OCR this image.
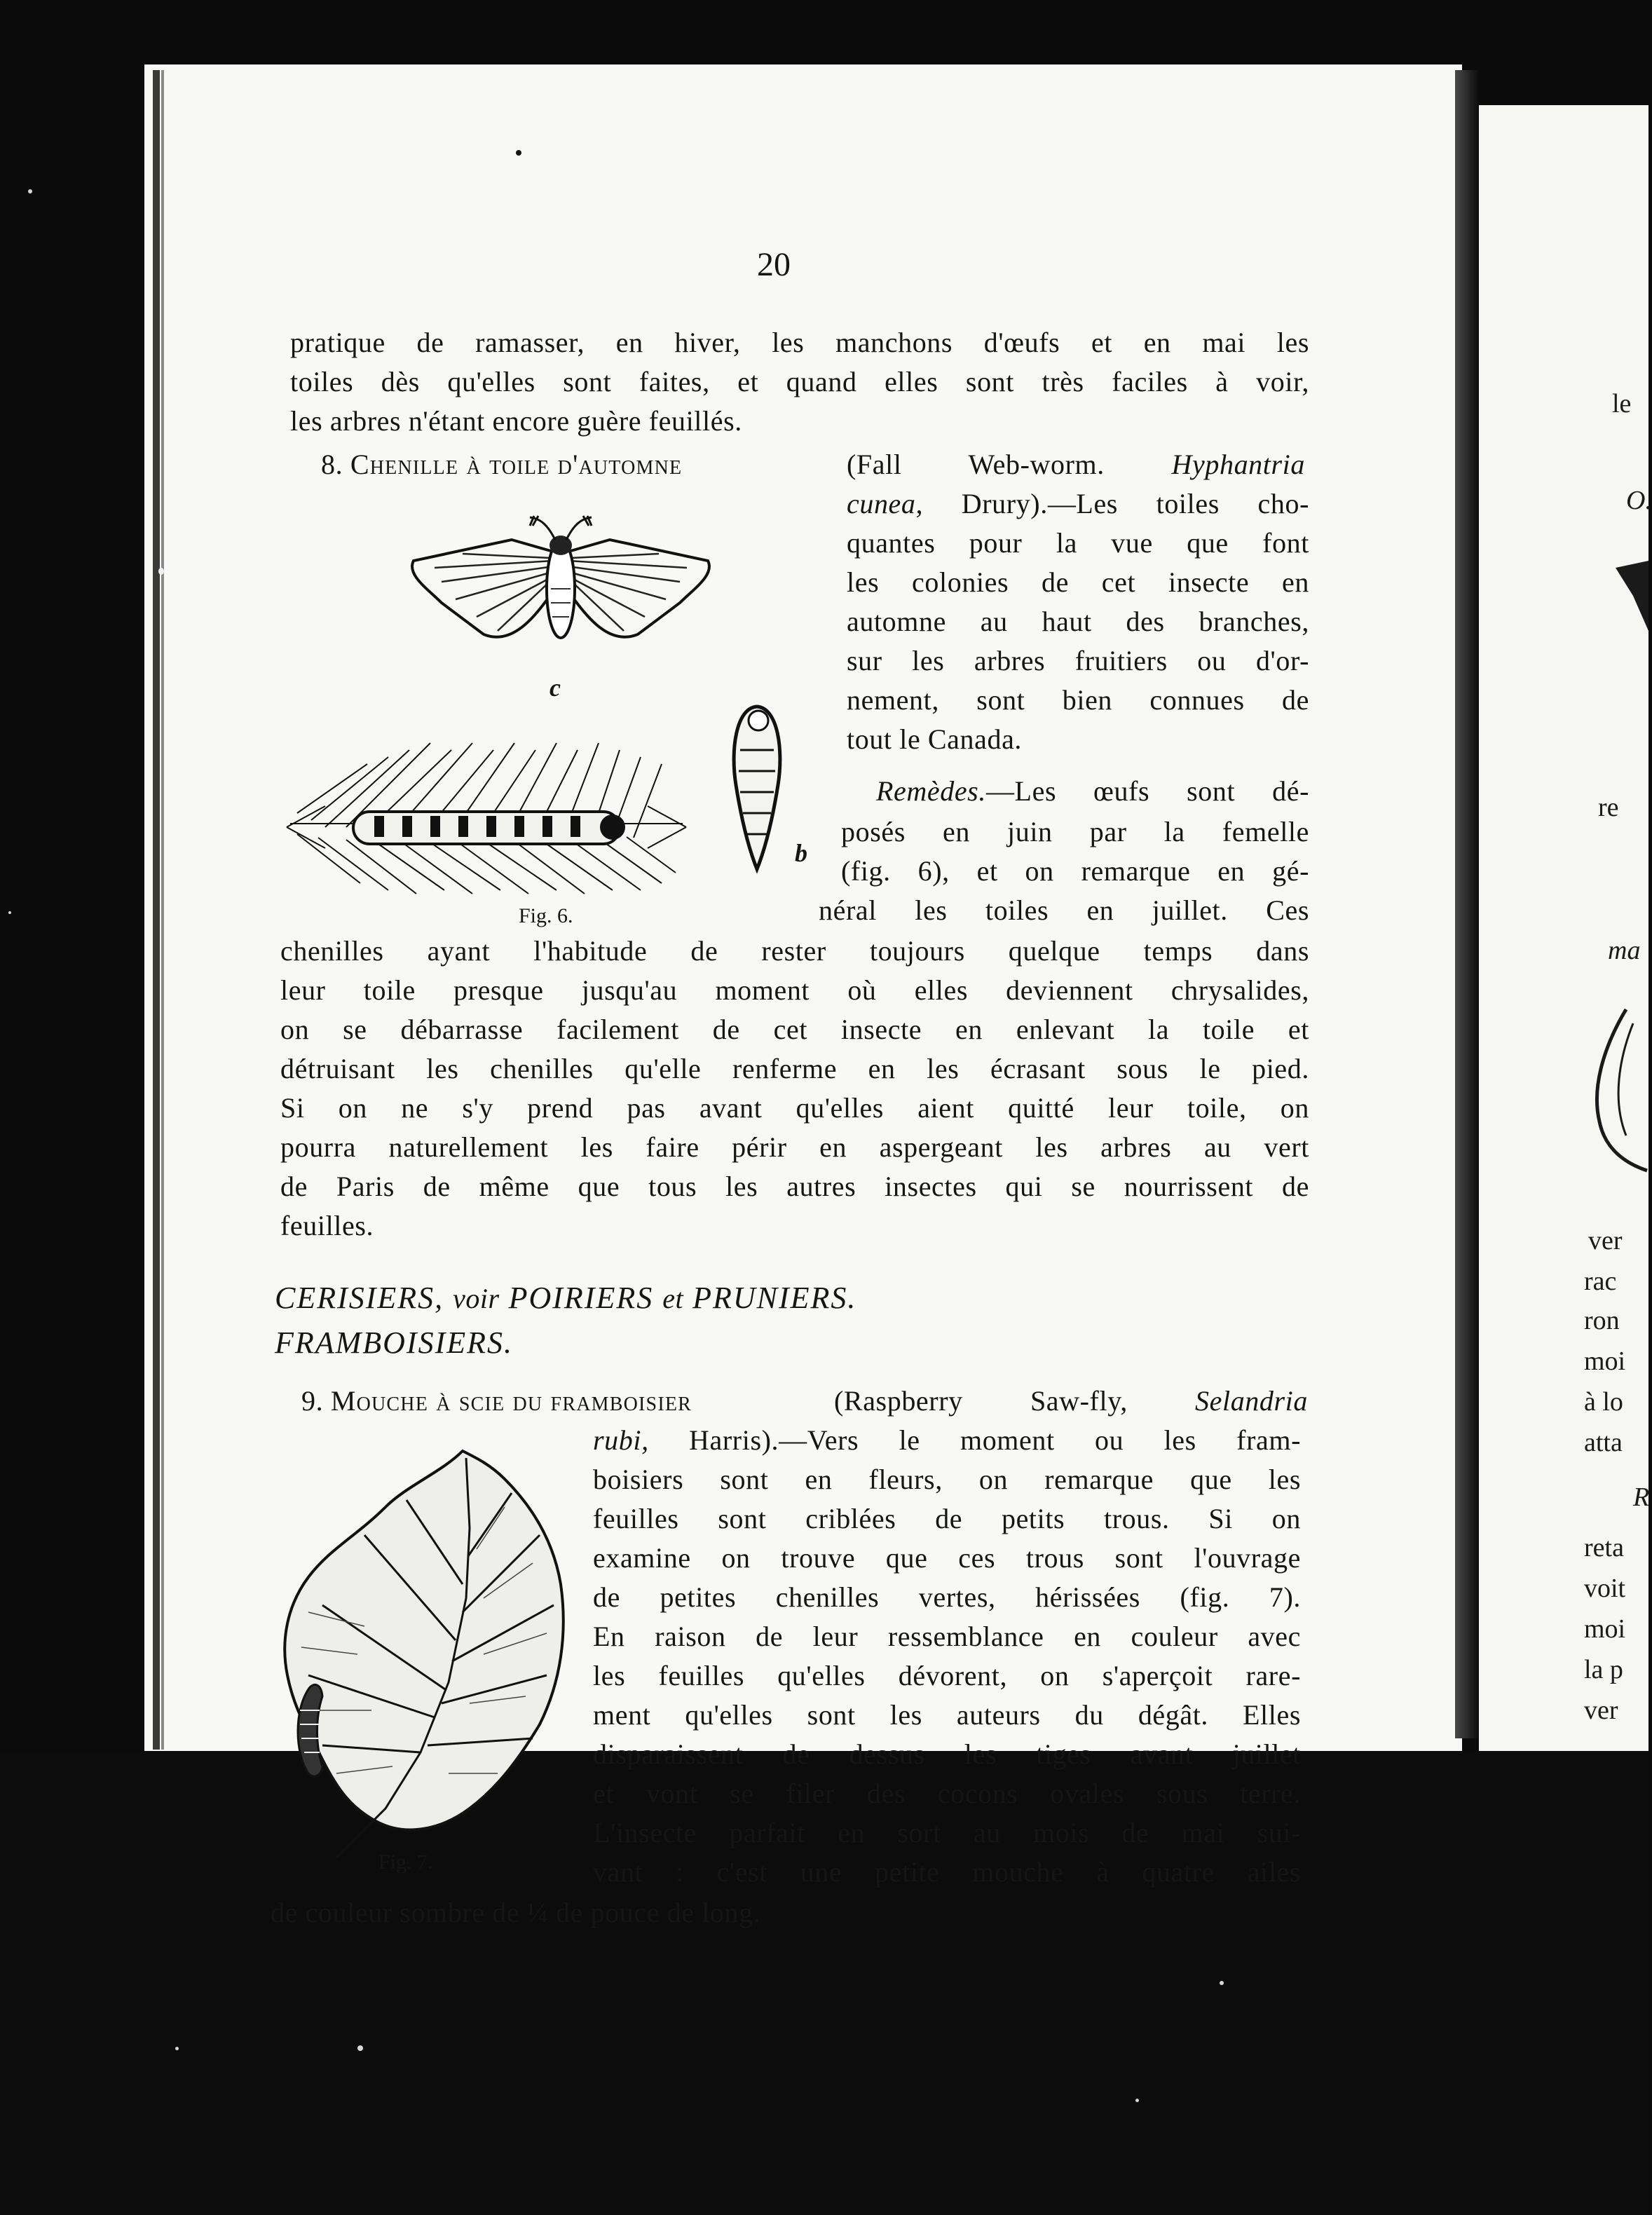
le

O.

re

ma

ver

rac

ron

moi

à lo

atta

R

reta

voit

moi

la p

ver

20

pratique de ramasser, en hiver, les manchons d'œufs et en mai les

toiles dès qu'elles sont faites, et quand elles sont très faciles à voir,

les arbres n'étant encore guère feuillés.

8. Chenille à toile d'automne	(Fall Web-worm. Hyphantria

cunea, Drury).—Les toiles cho-

quantes pour la vue que font

les colonies de cet insecte en

automne au haut des branches,

sur les arbres fruitiers ou d'or-

nement, sont bien connues de

tout le Canada.

Remèdes.—Les œufs sont dé-

posés en juin par la femelle

(fig. 6), et on remarque en gé-

néral les toiles en juillet. Ces

c

b

Fig. 6.

chenilles ayant l'habitude de rester toujours quelque temps dans

leur toile presque jusqu'au moment où elles deviennent chrysalides,

on se débarrasse facilement de cet insecte en enlevant la toile et

détruisant les chenilles qu'elle renferme en les écrasant sous le pied.

Si on ne s'y prend pas avant qu'elles aient quitté leur toile, on

pourra naturellement les faire périr en aspergeant les arbres au vert

de Paris de même que tous les autres insectes qui se nourrissent de

feuilles.

CERISIERS, voir POIRIERS et PRUNIERS.

FRAMBOISIERS.

9. Mouche à scie du framboisier	(Raspberry Saw-fly, Selandria

rubi, Harris).—Vers le moment ou les fram-

boisiers sont en fleurs, on remarque que les

feuilles sont criblées de petits trous. Si on

examine on trouve que ces trous sont l'ouvrage

de petites chenilles vertes, hérissées (fig. 7).

En raison de leur ressemblance en couleur avec

les feuilles qu'elles dévorent, on s'aperçoit rare-

ment qu'elles sont les auteurs du dégât. Elles

disparaissent de dessus les tiges avant juillet

et vont se filer des cocons ovales sous terre.

L'insecte parfait en sort au mois de mai sui-

vant : c'est une petite mouche à quatre ailes

de couleur sombre de ¼ de pouce de long.

Fig. 7.
